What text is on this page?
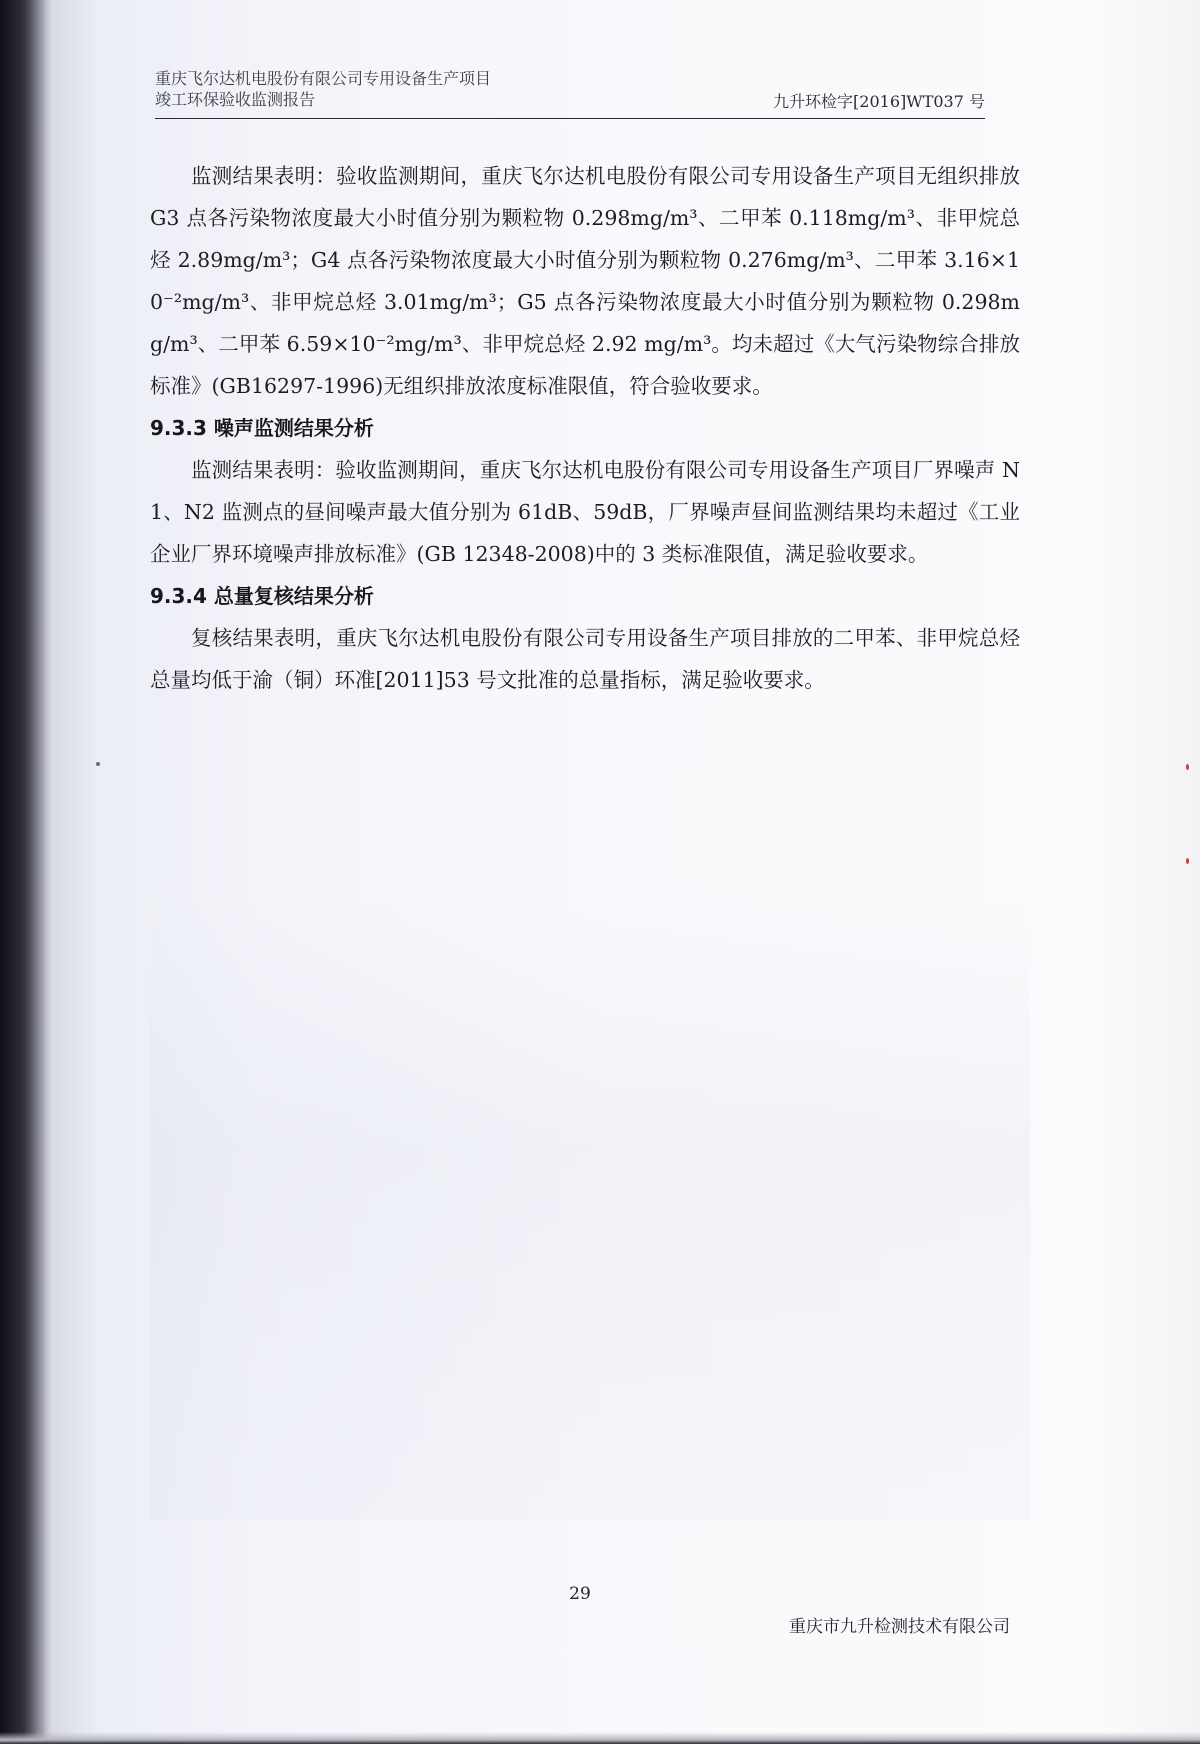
重庆飞尔达机电股份有限公司专用设备生产项目
竣工环保验收监测报告	九升环检字[2016]WT037 号

监测结果表明：验收监测期间，重庆飞尔达机电股份有限公司专用设备生产项目无组织排放 G3 点各污染物浓度最大小时值分别为颗粒物 0.298mg/m³、二甲苯 0.118mg/m³、非甲烷总烃 2.89mg/m³；G4 点各污染物浓度最大小时值分别为颗粒物 0.276mg/m³、二甲苯 3.16×10⁻²mg/m³、非甲烷总烃 3.01mg/m³；G5 点各污染物浓度最大小时值分别为颗粒物 0.298mg/m³、二甲苯 6.59×10⁻²mg/m³、非甲烷总烃 2.92 mg/m³。均未超过《大气污染物综合排放标准》(GB16297-1996)无组织排放浓度标准限值，符合验收要求。

9.3.3 噪声监测结果分析

监测结果表明：验收监测期间，重庆飞尔达机电股份有限公司专用设备生产项目厂界噪声 N1、N2 监测点的昼间噪声最大值分别为 61dB、59dB，厂界噪声昼间监测结果均未超过《工业企业厂界环境噪声排放标准》(GB 12348-2008)中的 3 类标准限值，满足验收要求。

9.3.4 总量复核结果分析

复核结果表明，重庆飞尔达机电股份有限公司专用设备生产项目排放的二甲苯、非甲烷总烃总量均低于渝（铜）环准[2011]53 号文批准的总量指标，满足验收要求。

29
重庆市九升检测技术有限公司
